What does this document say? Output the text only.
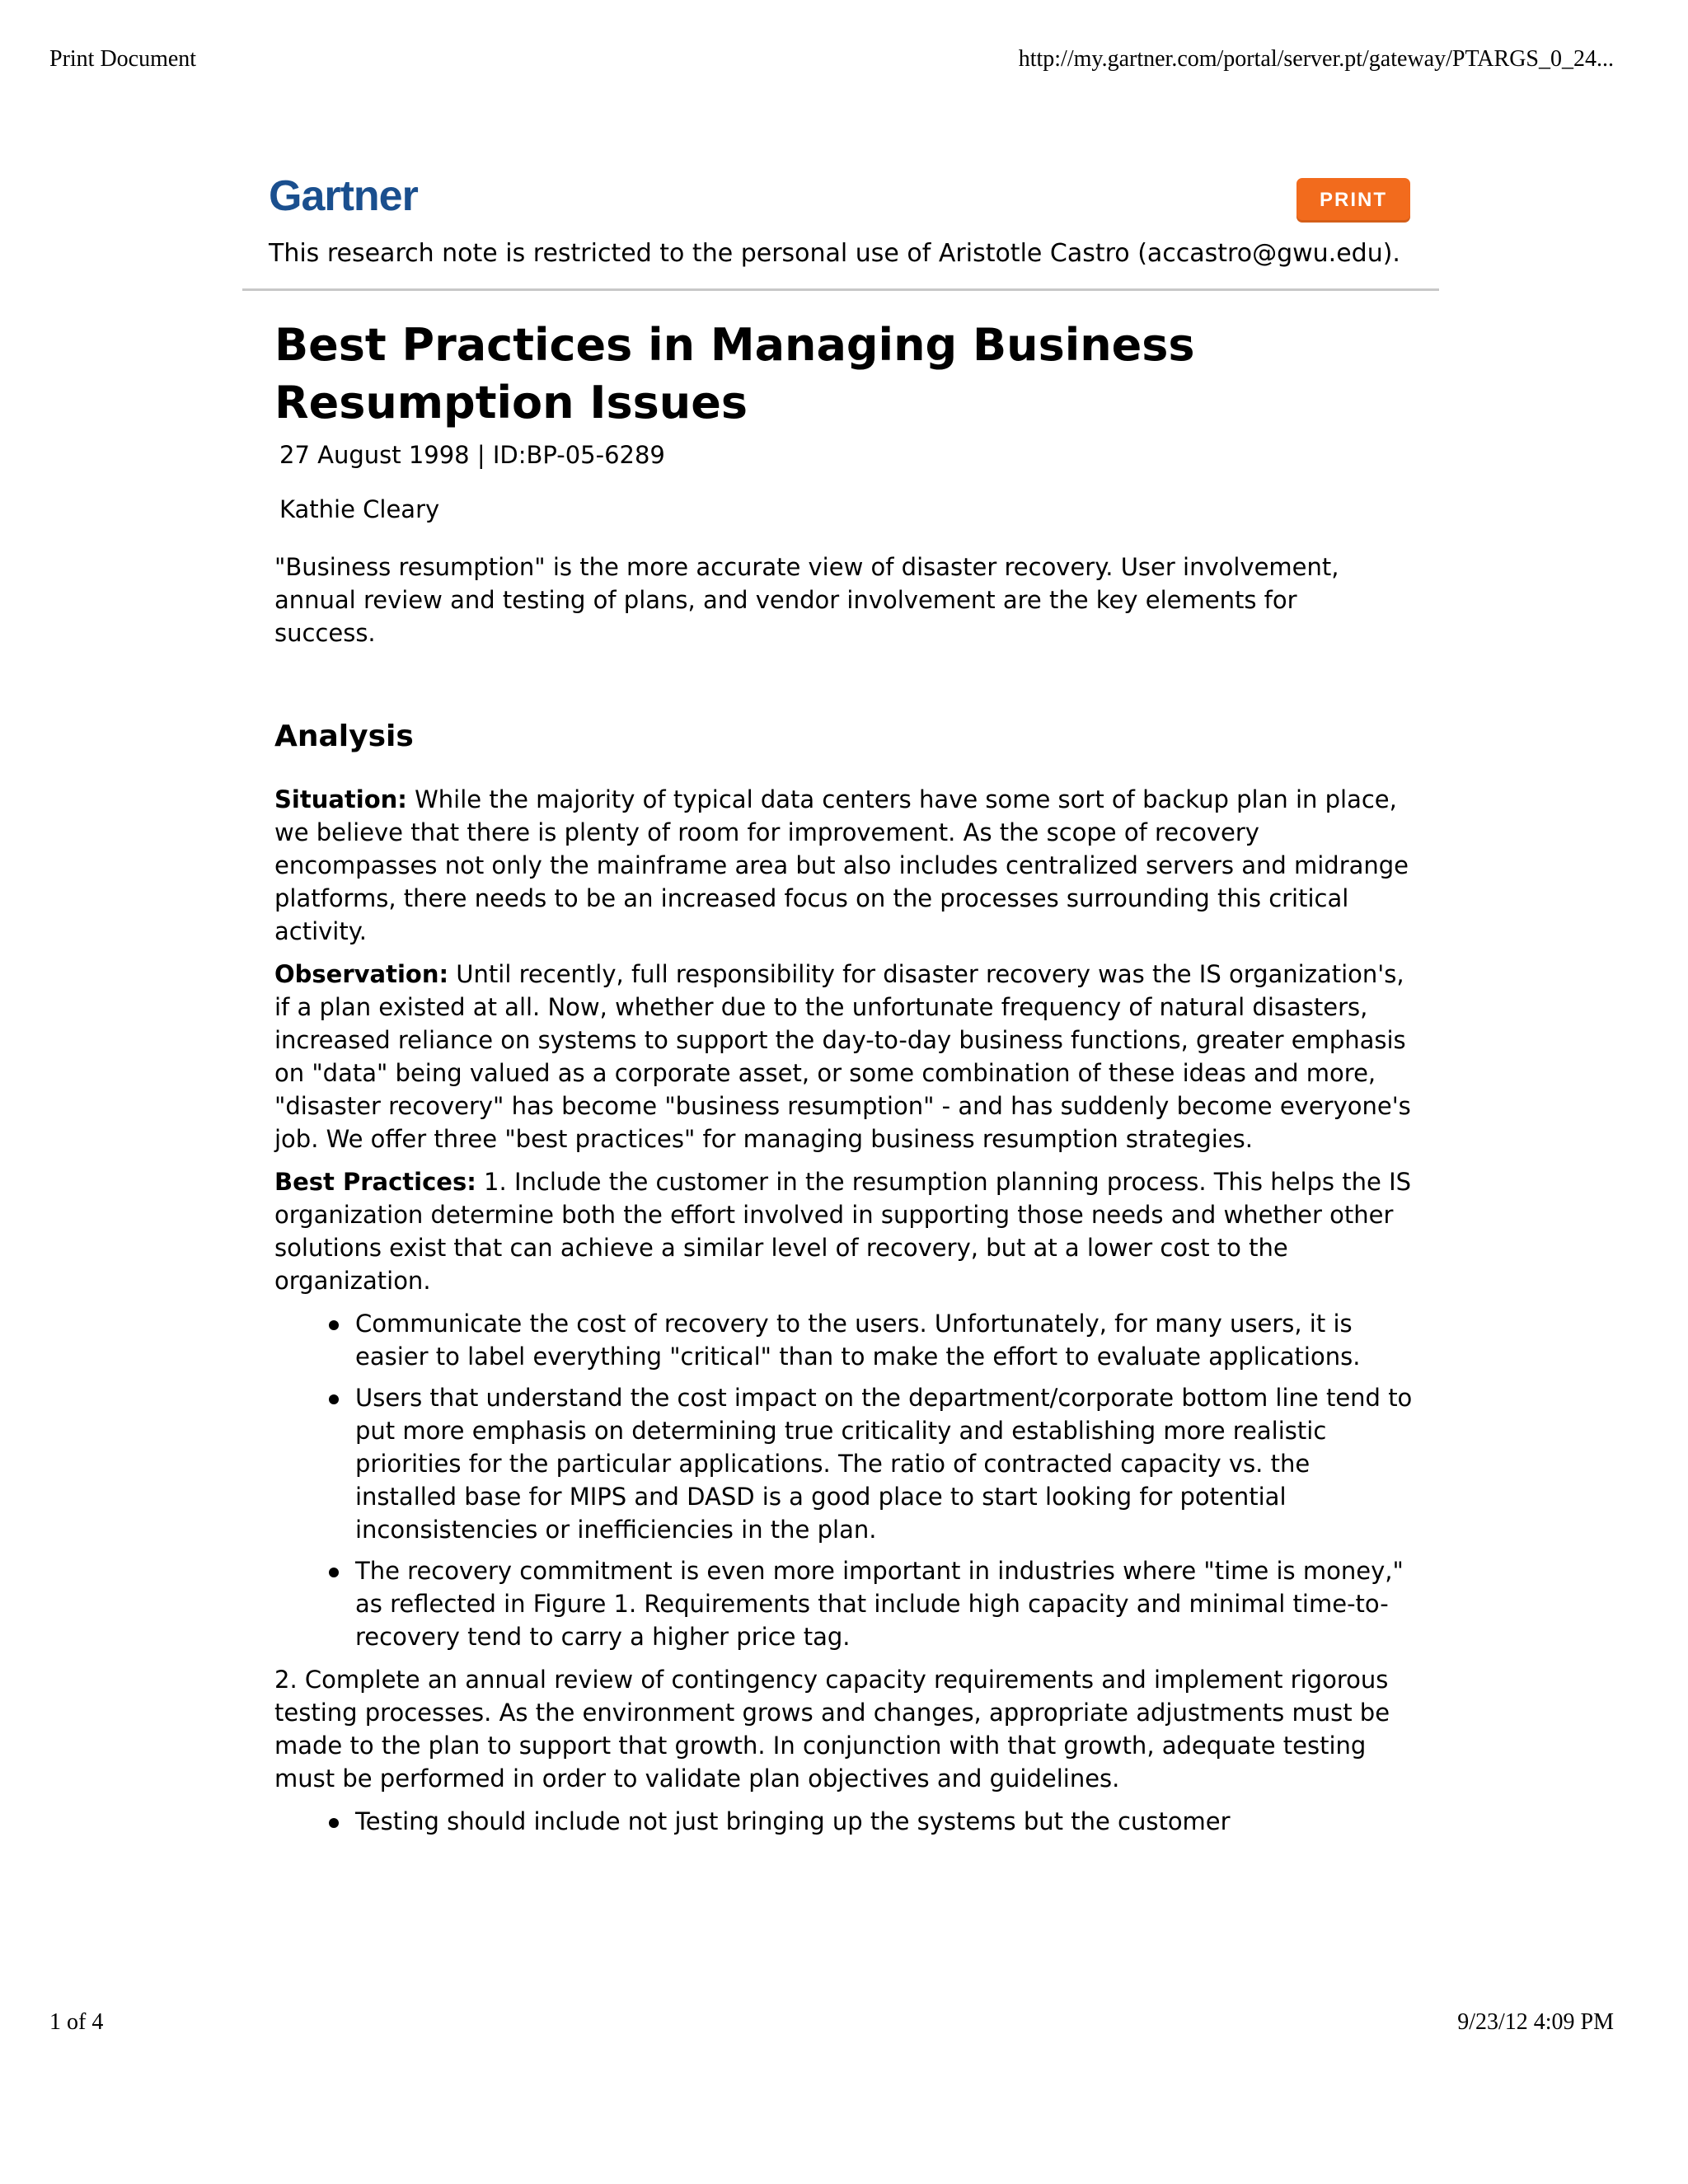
Print Document	http://my.gartner.com/portal/server.pt/gateway/PTARGS_0_24...
Gartner	PRINT
This research note is restricted to the personal use of Aristotle Castro (accastro@gwu.edu).
Best Practices in Managing Business
Resumption Issues
27 August 1998 | ID:BP-05-6289
Kathie Cleary
"Business resumption" is the more accurate view of disaster recovery. User involvement, annual review and testing of plans, and vendor involvement are the key elements for success.
Analysis

Situation: While the majority of typical data centers have some sort of backup plan in place, we believe that there is plenty of room for improvement. As the scope of recovery encompasses not only the mainframe area but also includes centralized servers and midrange platforms, there needs to be an increased focus on the processes surrounding this critical activity.

Observation: Until recently, full responsibility for disaster recovery was the IS organization's, if a plan existed at all. Now, whether due to the unfortunate frequency of natural disasters, increased reliance on systems to support the day-to-day business functions, greater emphasis on "data" being valued as a corporate asset, or some combination of these ideas and more, "disaster recovery" has become "business resumption" - and has suddenly become everyone's job. We offer three "best practices" for managing business resumption strategies.

Best Practices: 1. Include the customer in the resumption planning process. This helps the IS organization determine both the effort involved in supporting those needs and whether other solutions exist that can achieve a similar level of recovery, but at a lower cost to the organization.

Communicate the cost of recovery to the users. Unfortunately, for many users, it is easier to label everything "critical" than to make the effort to evaluate applications.
Users that understand the cost impact on the department/corporate bottom line tend to put more emphasis on determining true criticality and establishing more realistic priorities for the particular applications. The ratio of contracted capacity vs. the installed base for MIPS and DASD is a good place to start looking for potential inconsistencies or inefficiencies in the plan.
The recovery commitment is even more important in industries where "time is money," as reflected in Figure 1. Requirements that include high capacity and minimal time-to-recovery tend to carry a higher price tag.

2. Complete an annual review of contingency capacity requirements and implement rigorous testing processes. As the environment grows and changes, appropriate adjustments must be made to the plan to support that growth. In conjunction with that growth, adequate testing must be performed in order to validate plan objectives and guidelines.

Testing should include not just bringing up the systems but the customer
1 of 4	9/23/12 4:09 PM
